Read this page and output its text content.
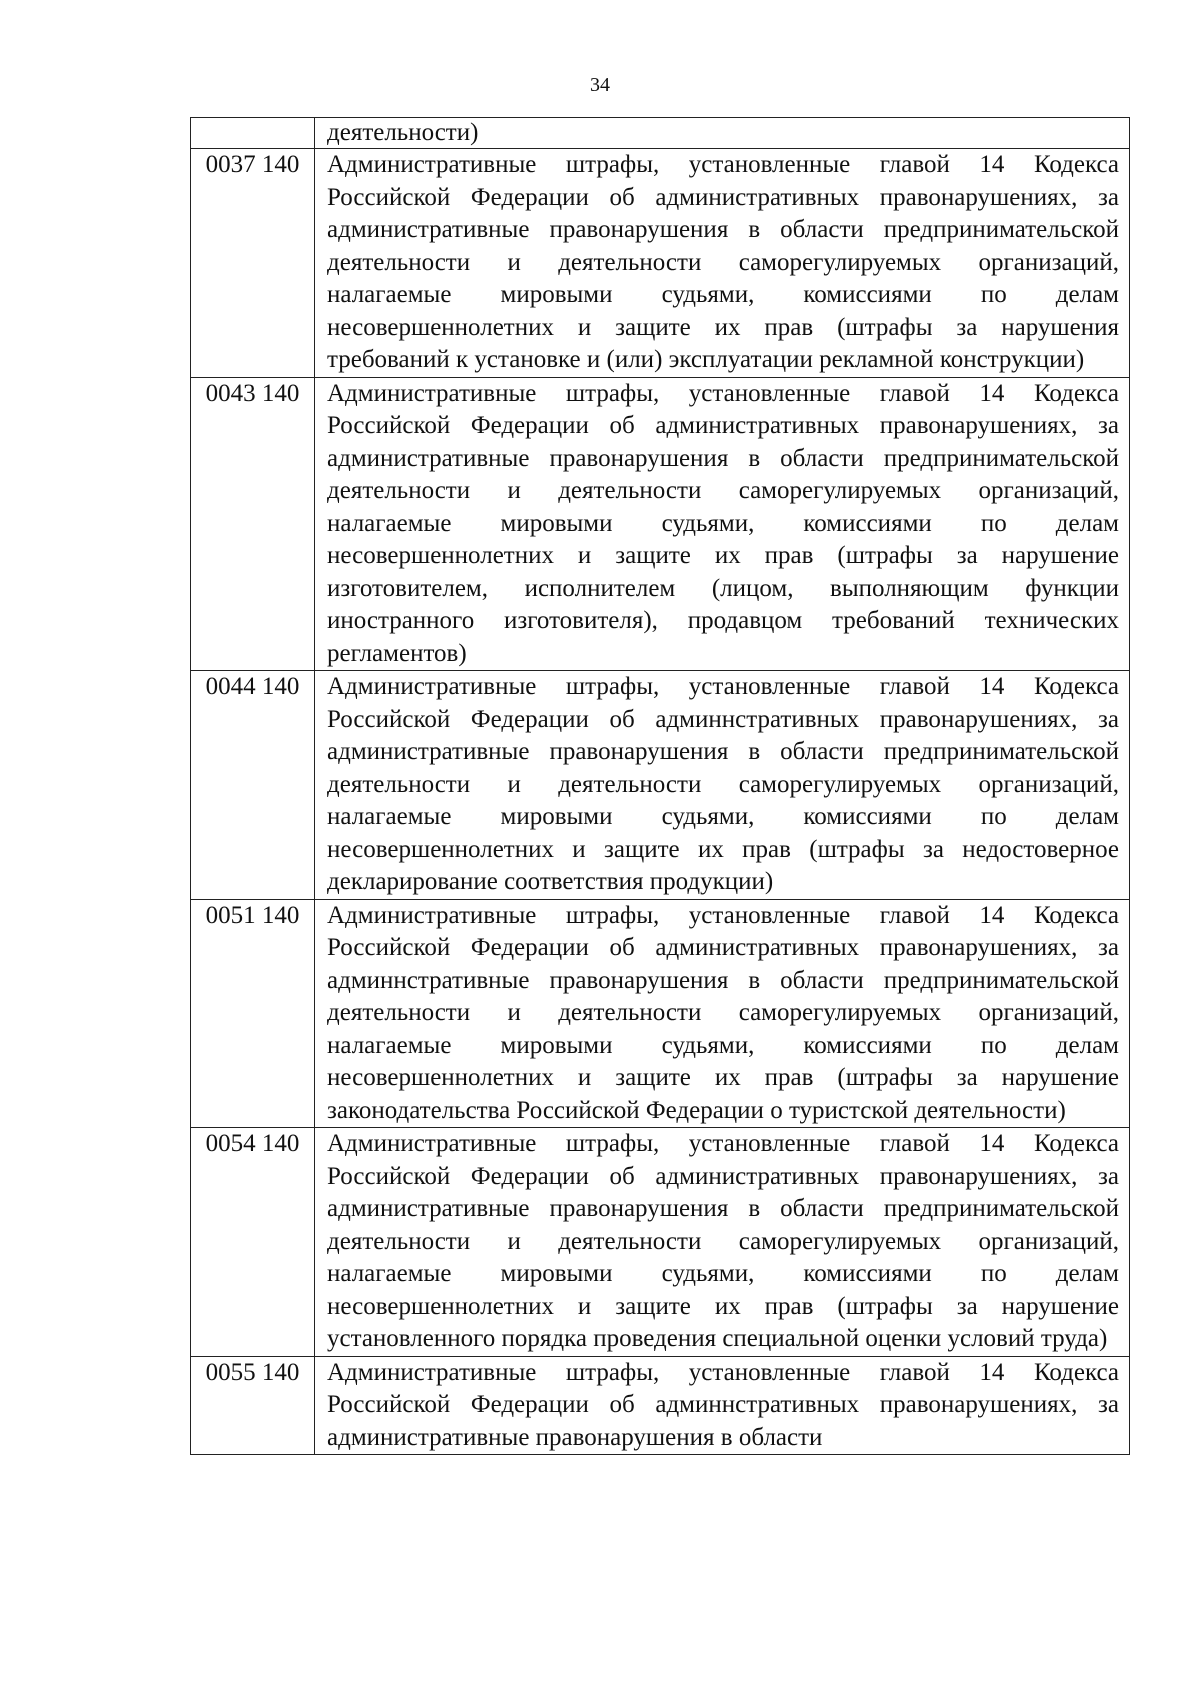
34
	деятельности)
0037 140	Административные штрафы, установленные главой 14 Кодекса Российской Федерации об административных правонарушениях, за административные правонарушения в области предпринимательской деятельности и деятельности саморегулируемых организаций, налагаемые мировыми судьями, комиссиями по делам несовершеннолетних и защите их прав (штрафы за нарушения требований к установке и (или) эксплуатации рекламной конструкции)
0043 140	Административные штрафы, установленные главой 14 Кодекса Российской Федерации об административных правонарушениях, за административные правонарушения в области предпринимательской деятельности и деятельности саморегулируемых организаций, налагаемые мировыми судьями, комиссиями по делам несовершеннолетних и защите их прав (штрафы за нарушение изготовителем, исполнителем (лицом, выполняющим функции иностранного изготовителя), продавцом требований технических регламентов)
0044 140	Административные штрафы, установленные главой 14 Кодекса Российской Федерации об админнстративных правонарушениях, за административные правонарушения в области предпринимательской деятельности и деятельности саморегулируемых организаций, налагаемые мировыми судьями, комиссиями по делам несовершеннолетних и защите их прав (штрафы за недостоверное декларирование соответствия продукции)
0051 140	Административные штрафы, установленные главой 14 Кодекса Российской Федерации об административных правонарушениях, за админнстративные правонарушения в области предпринимательской деятельности и деятельности саморегулируемых организаций, налагаемые мировыми судьями, комиссиями по делам несовершеннолетних и защите их прав (штрафы за нарушение законодательства Российской Федерации о туристской деятельности)
0054 140	Административные штрафы, установленные главой 14 Кодекса Российской Федерации об административных правонарушениях, за административные правонарушения в области предпринимательской деятельности и деятельности саморегулируемых организаций, налагаемые мировыми судьями, комиссиями по делам несовершеннолетних и защите их прав (штрафы за нарушение установленного порядка проведения специальной оценки условий труда)
0055 140	Административные штрафы, установленные главой 14 Кодекса Российской Федерации об админнстративных правонарушениях, за административные правонарушения в области
